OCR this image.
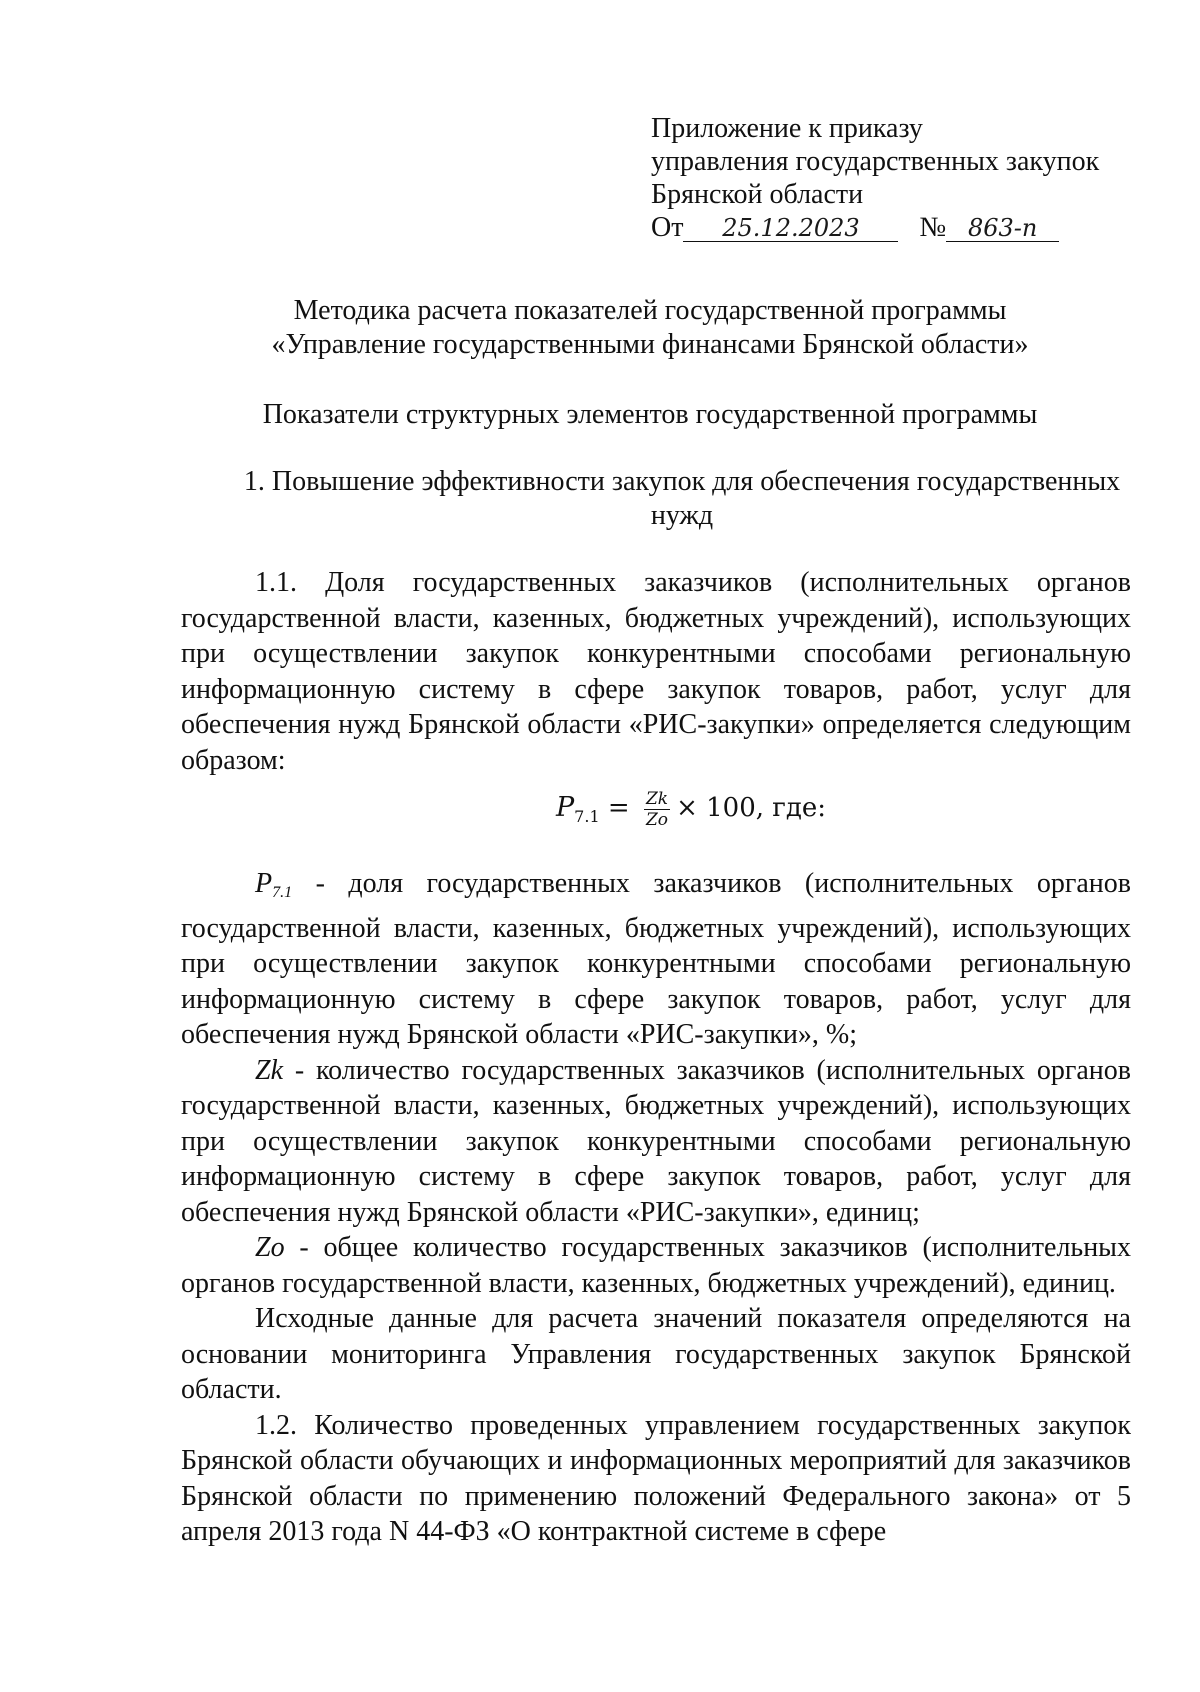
Приложение к приказу
управления государственных закупок
Брянской области
От 25.12.2023 № 863-п
Методика расчета показателей государственной программы
«Управление государственными финансами Брянской области»
Показатели структурных элементов государственной программы
1. Повышение эффективности закупок для обеспечения государственных
нужд

1.1. Доля государственных заказчиков (исполнительных органов государственной власти, казенных, бюджетных учреждений), использующих при осуществлении закупок конкурентными способами региональную информационную систему в сфере закупок товаров, работ, услуг для обеспечения нужд Брянской области «РИС-закупки» определяется следующим образом:

$P_{7.1} = \frac{Zk}{Zo} \times 100$, где:

$P_{7.1}$ - доля государственных заказчиков (исполнительных органов государственной власти, казенных, бюджетных учреждений), использующих при осуществлении закупок конкурентными способами региональную информационную систему в сфере закупок товаров, работ, услуг для обеспечения нужд Брянской области «РИС-закупки», %;

Zk - количество государственных заказчиков (исполнительных органов государственной власти, казенных, бюджетных учреждений), использующих при осуществлении закупок конкурентными способами региональную информационную систему в сфере закупок товаров, работ, услуг для обеспечения нужд Брянской области «РИС-закупки», единиц;

Zo - общее количество государственных заказчиков (исполнительных органов государственной власти, казенных, бюджетных учреждений), единиц.

Исходные данные для расчета значений показателя определяются на основании мониторинга Управления государственных закупок Брянской области.

1.2. Количество проведенных управлением государственных закупок Брянской области обучающих и информационных мероприятий для заказчиков Брянской области по применению положений Федерального закона» от 5 апреля 2013 года N 44-ФЗ «О контрактной системе в сфере
